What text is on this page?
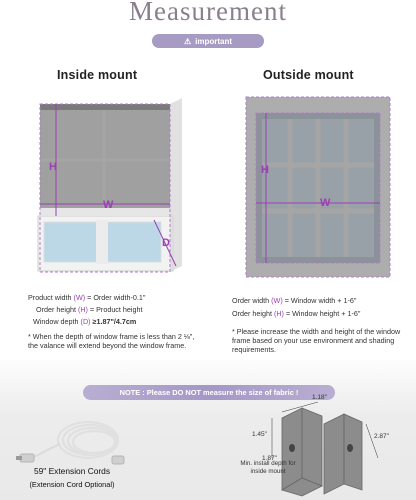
Measurement
⚠ important
Inside mount	Outside mount
H
W
D
H
W
Product width (W) = Order width-0.1"
Order height (H) = Product height
Window depth (D) ≥1.87"/4.7cm
* When the depth of window frame is less than 2 ⅛", the valance will extend beyond the window frame.
Order width (W) = Window width + 1-6"
Order height (H) = Window height + 1-6"
* Please increase the width and height of the window frame based on your use environment and shading requirements.
NOTE : Please DO NOT measure the size of fabric !
59" Extension Cords
(Extension Cord Optional)
1.18"
1.45"	2.87"
1.87"
Min. install depth for inside mount
